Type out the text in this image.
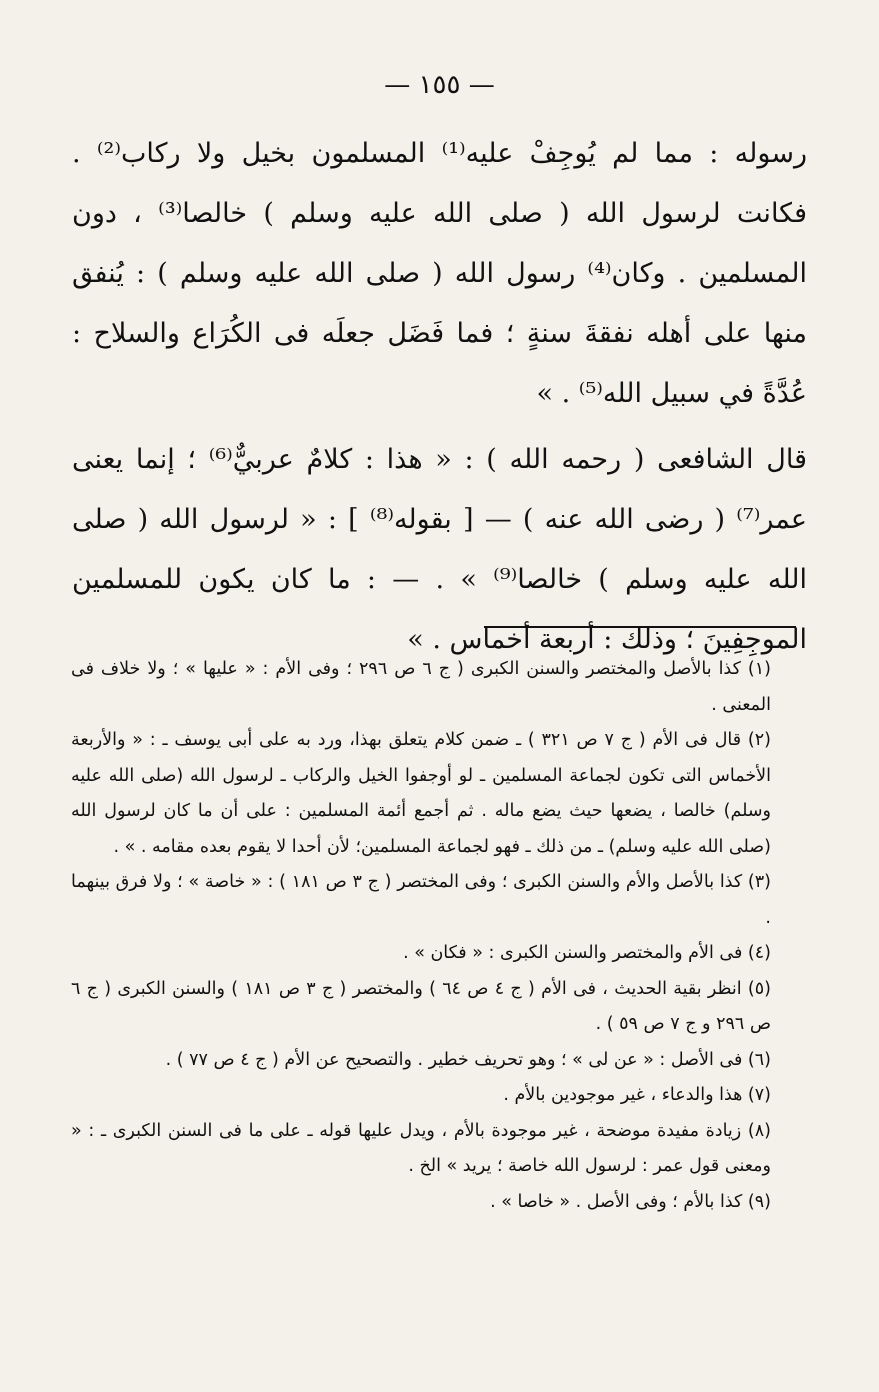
— ١٥٥ —

رسوله : مما لم يُوجِفْ عليه⁽¹⁾ المسلمون بخيل ولا ركاب⁽²⁾ . فكانت لرسول الله ( صلى الله عليه وسلم ) خالصا⁽³⁾ ، دون المسلمين . وكان⁽⁴⁾ رسول الله ( صلى الله عليه وسلم ) : يُنفق منها على أهله نفقةَ سنةٍ ؛ فما فَضَل جعلَه فى الكُرَاع والسلاح : عُدَّةً في سبيل الله⁽⁵⁾ . »

قال الشافعى ( رحمه الله ) : « هذا : كلامٌ عربيٌّ⁽⁶⁾ ؛ إنما يعنى عمر⁽⁷⁾ ( رضى الله عنه ) — [ بقوله⁽⁸⁾ ] : « لرسول الله ( صلى الله عليه وسلم ) خالصا⁽⁹⁾ » . — : ما كان يكون للمسلمين الموجِفِينَ ؛ وذلك : أربعة أخماس . »

(١) كذا بالأصل والمختصر والسنن الكبرى ( ج ٦ ص ٢٩٦ ؛ وفى الأم : « عليها » ؛ ولا خلاف فى المعنى .

(٢) قال فى الأم ( ج ٧ ص ٣٢١ ) ـ ضمن كلام يتعلق بهذا، ورد به على أبى يوسف ـ : « والأربعة الأخماس التى تكون لجماعة المسلمين ـ لو أوجفوا الخيل والركاب ـ لرسول الله (صلى الله عليه وسلم) خالصا ، يضعها حيث يضع ماله . ثم أجمع أئمة المسلمين : على أن ما كان لرسول الله (صلى الله عليه وسلم) ـ من ذلك ـ فهو لجماعة المسلمين؛ لأن أحدا لا يقوم بعده مقامه . » .

(٣) كذا بالأصل والأم والسنن الكبرى ؛ وفى المختصر ( ج ٣ ص ١٨١ ) : « خاصة » ؛ ولا فرق بينهما .

(٤) فى الأم والمختصر والسنن الكبرى : « فكان » .

(٥) انظر بقية الحديث ، فى الأم ( ج ٤ ص ٦٤ ) والمختصر ( ج ٣ ص ١٨١ ) والسنن الكبرى ( ج ٦ ص ٢٩٦ و ج ٧ ص ٥٩ ) .

(٦) فى الأصل : « عن لى » ؛ وهو تحريف خطير . والتصحيح عن الأم ( ج ٤ ص ٧٧ ) .

(٧) هذا والدعاء ، غير موجودين بالأم .

(٨) زيادة مفيدة موضحة ، غير موجودة بالأم ، ويدل عليها قوله ـ على ما فى السنن الكبرى ـ : « ومعنى قول عمر : لرسول الله خاصة ؛ يريد » الخ .

(٩) كذا بالأم ؛ وفى الأصل . « خاصا » .
